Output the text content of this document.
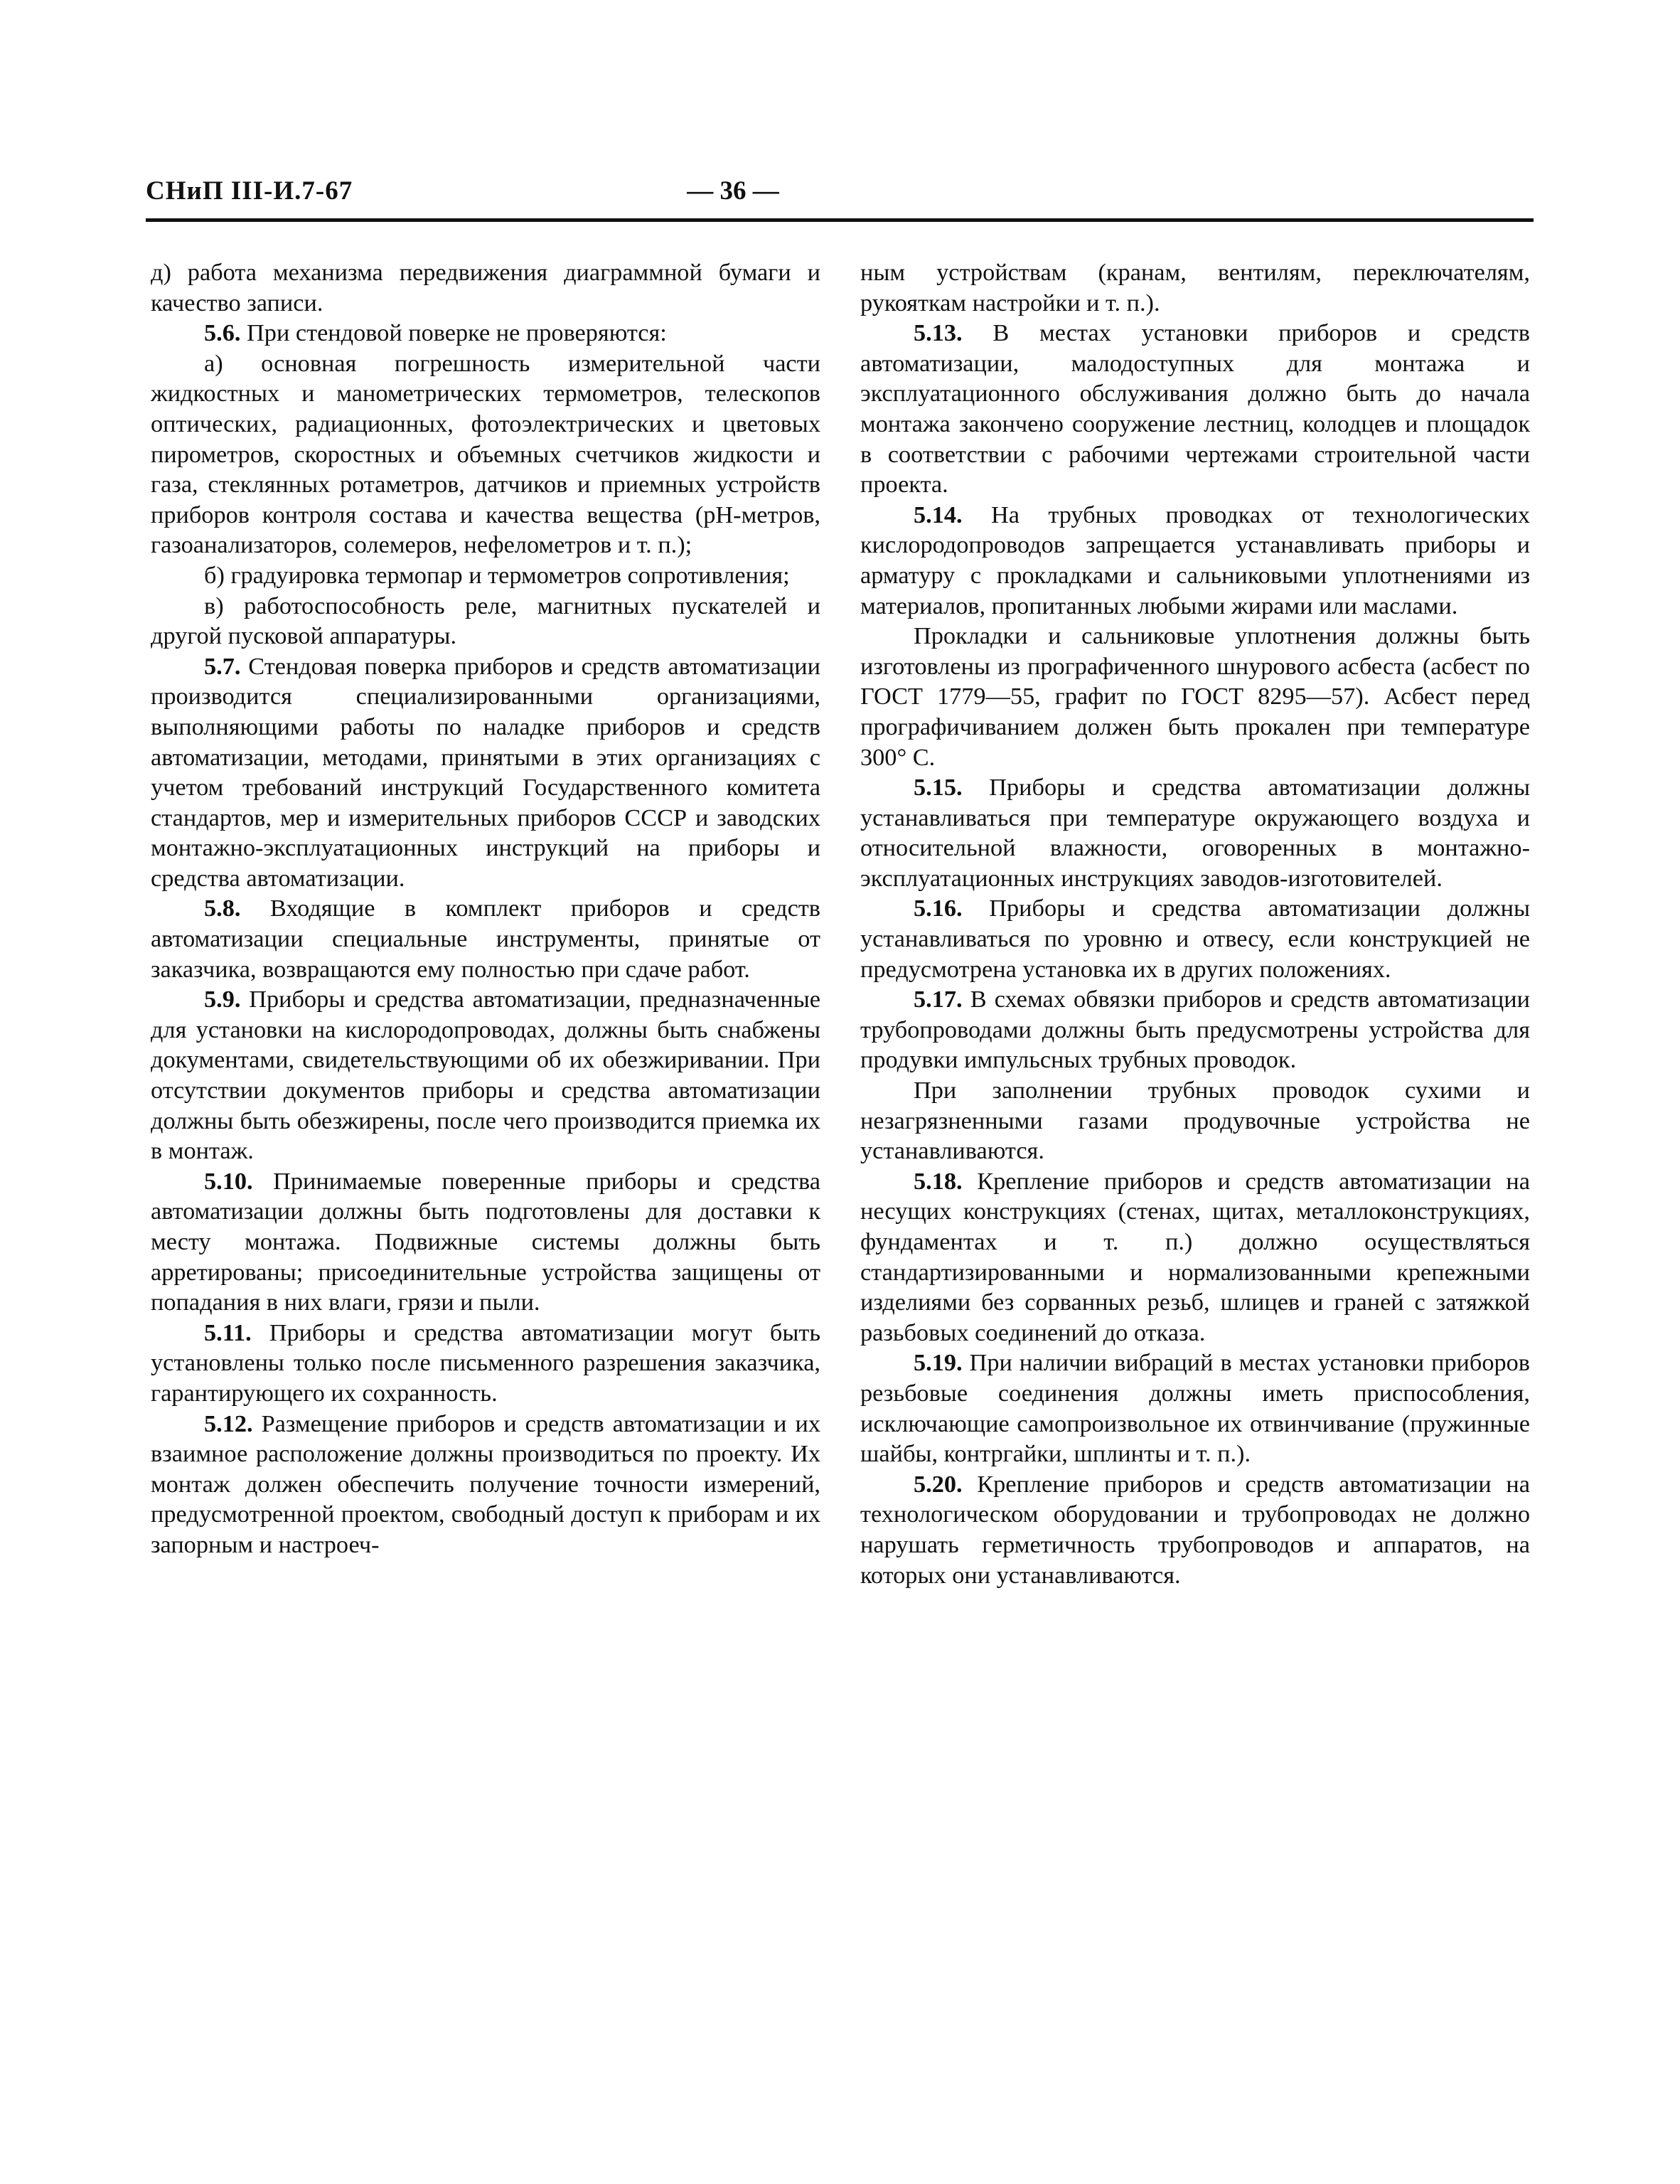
СНиП III-И.7-67	— 36 —

д) работа механизма передвижения диаграммной бумаги и качество записи.

5.6. При стендовой поверке не проверяются:

а) основная погрешность измерительной части жидкостных и манометрических термометров, телескопов оптических, радиационных, фотоэлектрических и цветовых пирометров, скоростных и объемных счетчиков жидкости и газа, стеклянных ротаметров, датчиков и приемных устройств приборов контроля состава и качества вещества (рН-метров, газоанализаторов, солемеров, нефелометров и т. п.);

б) градуировка термопар и термометров сопротивления;

в) работоспособность реле, магнитных пускателей и другой пусковой аппаратуры.

5.7. Стендовая поверка приборов и средств автоматизации производится специализированными организациями, выполняющими работы по наладке приборов и средств автоматизации, методами, принятыми в этих организациях с учетом требований инструкций Государственного комитета стандартов, мер и измерительных приборов СССР и заводских монтажно-эксплуатационных инструкций на приборы и средства автоматизации.

5.8. Входящие в комплект приборов и средств автоматизации специальные инструменты, принятые от заказчика, возвращаются ему полностью при сдаче работ.

5.9. Приборы и средства автоматизации, предназначенные для установки на кислородопроводах, должны быть снабжены документами, свидетельствующими об их обезжиривании. При отсутствии документов приборы и средства автоматизации должны быть обезжирены, после чего производится приемка их в монтаж.

5.10. Принимаемые поверенные приборы и средства автоматизации должны быть подготовлены для доставки к месту монтажа. Подвижные системы должны быть арретированы; присоединительные устройства защищены от попадания в них влаги, грязи и пыли.

5.11. Приборы и средства автоматизации могут быть установлены только после письменного разрешения заказчика, гарантирующего их сохранность.

5.12. Размещение приборов и средств автоматизации и их взаимное расположение должны производиться по проекту. Их монтаж должен обеспечить получение точности измерений, предусмотренной проектом, свободный доступ к приборам и их запорным и настроеч-

ным устройствам (кранам, вентилям, переключателям, рукояткам настройки и т. п.).

5.13. В местах установки приборов и средств автоматизации, малодоступных для монтажа и эксплуатационного обслуживания должно быть до начала монтажа закончено сооружение лестниц, колодцев и площадок в соответствии с рабочими чертежами строительной части проекта.

5.14. На трубных проводках от технологических кислородопроводов запрещается устанавливать приборы и арматуру с прокладками и сальниковыми уплотнениями из материалов, пропитанных любыми жирами или маслами.

Прокладки и сальниковые уплотнения должны быть изготовлены из прографиченного шнурового асбеста (асбест по ГОСТ 1779—55, графит по ГОСТ 8295—57). Асбест перед прографичиванием должен быть прокален при температуре 300° С.

5.15. Приборы и средства автоматизации должны устанавливаться при температуре окружающего воздуха и относительной влажности, оговоренных в монтажно-эксплуатационных инструкциях заводов-изготовителей.

5.16. Приборы и средства автоматизации должны устанавливаться по уровню и отвесу, если конструкцией не предусмотрена установка их в других положениях.

5.17. В схемах обвязки приборов и средств автоматизации трубопроводами должны быть предусмотрены устройства для продувки импульсных трубных проводок.

При заполнении трубных проводок сухими и незагрязненными газами продувочные устройства не устанавливаются.

5.18. Крепление приборов и средств автоматизации на несущих конструкциях (стенах, щитах, металлоконструкциях, фундаментах и т. п.) должно осуществляться стандартизированными и нормализованными крепежными изделиями без сорванных резьб, шлицев и граней с затяжкой разьбовых соединений до отказа.

5.19. При наличии вибраций в местах установки приборов резьбовые соединения должны иметь приспособления, исключающие самопроизвольное их отвинчивание (пружинные шайбы, контргайки, шплинты и т. п.).

5.20. Крепление приборов и средств автоматизации на технологическом оборудовании и трубопроводах не должно нарушать герметичность трубопроводов и аппаратов, на которых они устанавливаются.
